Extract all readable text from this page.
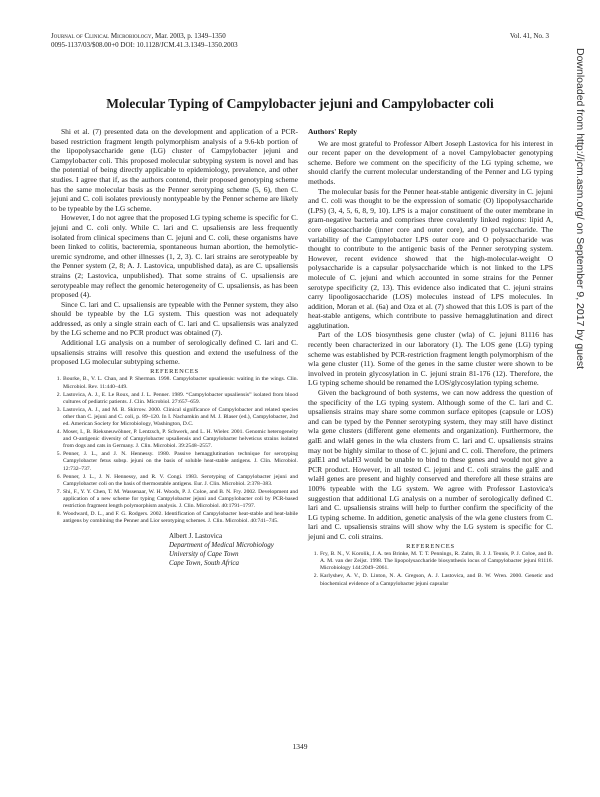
Journal of Clinical Microbiology, Mar. 2003, p. 1349–1350
0095-1137/03/$08.00+0 DOI: 10.1128/JCM.41.3.1349–1350.2003
Vol. 41, No. 3
Molecular Typing of Campylobacter jejuni and Campylobacter coli

Shi et al. (7) presented data on the development and application of a PCR-based restriction fragment length polymorphism analysis of a 9.6-kb portion of the lipopolysaccharide gene (LG) cluster of Campylobacter jejuni and Campylobacter coli. This proposed molecular subtyping system is novel and has the potential of being directly applicable to epidemiology, prevalence, and other studies. I agree that if, as the authors contend, their proposed genotyping scheme has the same molecular basis as the Penner serotyping scheme (5, 6), then C. jejuni and C. coli isolates previously nontypeable by the Penner scheme are likely to be typeable by the LG scheme.

However, I do not agree that the proposed LG typing scheme is specific for C. jejuni and C. coli only. While C. lari and C. upsaliensis are less frequently isolated from clinical specimens than C. jejuni and C. coli, these organisms have been linked to colitis, bacteremia, spontaneous human abortion, the hemolytic-uremic syndrome, and other illnesses (1, 2, 3). C. lari strains are serotypeable by the Penner system (2, 8; A. J. Lastovica, unpublished data), as are C. upsaliensis strains (2; Lastovica, unpublished). That some strains of C. upsaliensis are serotypeable may reflect the genomic heterogeneity of C. upsaliensis, as has been proposed (4).

Since C. lari and C. upsaliensis are typeable with the Penner system, they also should be typeable by the LG system. This question was not adequately addressed, as only a single strain each of C. lari and C. upsaliensis was analyzed by the LG scheme and no PCR product was obtained (7).

Additional LG analysis on a number of serologically defined C. lari and C. upsaliensis strains will resolve this question and extend the usefulness of the proposed LG molecular subtyping scheme.

REFERENCES

1. Bourke, B., V. L. Chan, and P. Sherman. 1998. Campylobacter upsaliensis: waiting in the wings. Clin. Microbiol. Rev. 11:440–449.
2. Lastovica, A. J., E. Le Roux, and J. L. Penner. 1989. “Campylobacter upsaliensis” isolated from blood cultures of pediatric patients. J. Clin. Microbiol. 27:657–659.
3. Lastovica, A. J., and M. B. Skirrow. 2000. Clinical significance of Campylobacter and related species other than C. jejuni and C. coli, p. 89–120. In I. Nachamkin and M. J. Blaser (ed.), Campylobacter, 2nd ed. American Society for Microbiology, Washington, D.C.
4. Moser, I., B. Rieksneuwöhner, P. Lentzsch, P. Schwerk, and L. H. Wieler. 2001. Genomic heterogeneity and O-antigenic diversity of Campylobacter upsaliensis and Campylobacter helveticus strains isolated from dogs and cats in Germany. J. Clin. Microbiol. 39:2548–2557.
5. Penner, J. L., and J. N. Hennessy. 1980. Passive hemagglutination technique for serotyping Campylobacter fetus subsp. jejuni on the basis of soluble heat-stable antigens. J. Clin. Microbiol. 12:732–737.
6. Penner, J. L., J. N. Hennessy, and R. V. Congi. 1983. Serotyping of Campylobacter jejuni and Campylobacter coli on the basis of thermostable antigens. Eur. J. Clin. Microbiol. 2:378–383.
7. Shi, F., Y. Y. Chen, T. M. Wassenaar, W. H. Woods, P. J. Coloe, and B. N. Fry. 2002. Development and application of a new scheme for typing Campylobacter jejuni and Campylobacter coli by PCR-based restriction fragment length polymorphism analysis. J. Clin. Microbiol. 40:1791–1797.
8. Woodward, D. L., and F. G. Rodgers. 2002. Identification of Campylobacter heat-stable and heat-labile antigens by combining the Penner and Lior serotyping schemes. J. Clin. Microbiol. 40:741–745.
Albert J. Lastovica
Department of Medical Microbiology
University of Cape Town
Cape Town, South Africa
Authors' Reply

We are most grateful to Professor Albert Joseph Lastovica for his interest in our recent paper on the development of a novel Campylobacter genotyping scheme. Before we comment on the specificity of the LG typing scheme, we should clarify the current molecular understanding of the Penner and LG typing methods.

The molecular basis for the Penner heat-stable antigenic diversity in C. jejuni and C. coli was thought to be the expression of somatic (O) lipopolysaccharide (LPS) (3, 4, 5, 6, 8, 9, 10). LPS is a major constituent of the outer membrane in gram-negative bacteria and comprises three covalently linked regions: lipid A, core oligosaccharide (inner core and outer core), and O polysaccharide. The variability of the Campylobacter LPS outer core and O polysaccharide was thought to contribute to the antigenic basis of the Penner serotyping system. However, recent evidence showed that the high-molecular-weight O polysaccharide is a capsular polysaccharide which is not linked to the LPS molecule of C. jejuni and which accounted in some strains for the Penner serotype specificity (2, 13). This evidence also indicated that C. jejuni strains carry lipooligosaccharide (LOS) molecules instead of LPS molecules. In addition, Moran et al. (6a) and Oza et al. (7) showed that this LOS is part of the heat-stable antigens, which contribute to passive hemagglutination and direct agglutination.

Part of the LOS biosynthesis gene cluster (wla) of C. jejuni 81116 has recently been characterized in our laboratory (1). The LOS gene (LG) typing scheme was established by PCR-restriction fragment length polymorphism of the wla gene cluster (11). Some of the genes in the same cluster were shown to be involved in protein glycosylation in C. jejuni strain 81-176 (12). Therefore, the LG typing scheme should be renamed the LOS/glycosylation typing scheme.

Given the background of both systems, we can now address the question of the specificity of the LG typing system. Although some of the C. lari and C. upsaliensis strains may share some common surface epitopes (capsule or LOS) and can be typed by the Penner serotyping system, they may still have distinct wla gene clusters (different gene elements and organization). Furthermore, the galE and wlaH genes in the wla clusters from C. lari and C. upsaliensis strains may not be highly similar to those of C. jejuni and C. coli. Therefore, the primers galE1 and wlaH3 would be unable to bind to these genes and would not give a PCR product. However, in all tested C. jejuni and C. coli strains the galE and wlaH genes are present and highly conserved and therefore all these strains are 100% typeable with the LG system. We agree with Professor Lastovica's suggestion that additional LG analysis on a number of serologically defined C. lari and C. upsaliensis strains will help to further confirm the specificity of the LG typing scheme. In addition, genetic analysis of the wla gene clusters from C. lari and C. upsaliensis strains will show why the LG system is specific for C. jejuni and C. coli strains.

REFERENCES

1. Fry, B. N., V. Korolik, J. A. ten Brinke, M. T. T. Pennings, R. Zalm, B. J. J. Teunis, P. J. Coloe, and B. A. M. van der Zeijst. 1998. The lipopolysaccharide biosynthesis locus of Campylobacter jejuni 81116. Microbiology 144:2049–2061.
2. Karlyshev, A. V., D. Linton, N. A. Gregson, A. J. Lastovica, and B. W. Wren. 2000. Genetic and biochemical evidence of a Campylobacter jejuni capsular
Downloaded from http://jcm.asm.org/ on September 9, 2017 by guest
1349
